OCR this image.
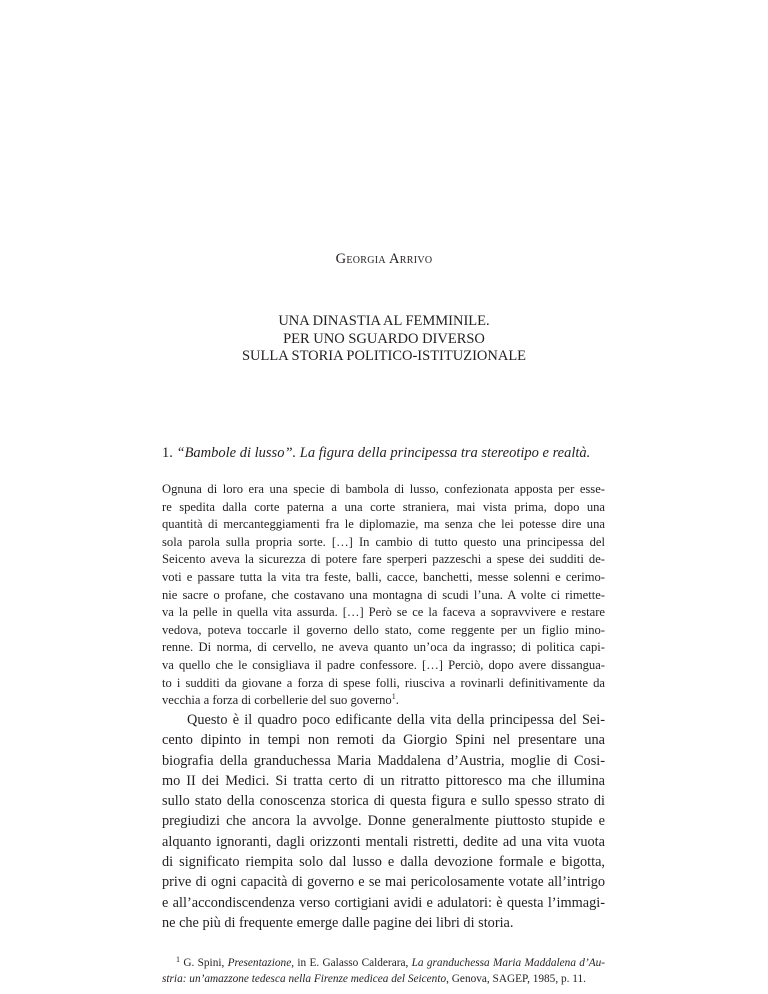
Georgia Arrivo
UNA DINASTIA AL FEMMINILE.
PER UNO SGUARDO DIVERSO
SULLA STORIA POLITICO-ISTITUZIONALE
1. “Bambole di lusso”. La figura della principessa tra stereotipo e realtà.
Ognuna di loro era una specie di bambola di lusso, confezionata apposta per esse-
re spedita dalla corte paterna a una corte straniera, mai vista prima, dopo una
quantità di mercanteggiamenti fra le diplomazie, ma senza che lei potesse dire una
sola parola sulla propria sorte. […] In cambio di tutto questo una principessa del
Seicento aveva la sicurezza di potere fare sperperi pazzeschi a spese dei sudditi de-
voti e passare tutta la vita tra feste, balli, cacce, banchetti, messe solenni e cerimo-
nie sacre o profane, che costavano una montagna di scudi l’una. A volte ci rimette-
va la pelle in quella vita assurda. […] Però se ce la faceva a sopravvivere e restare
vedova, poteva toccarle il governo dello stato, come reggente per un figlio mino-
renne. Di norma, di cervello, ne aveva quanto un’oca da ingrasso; di politica capi-
va quello che le consigliava il padre confessore. […] Perciò, dopo avere dissangua-
to i sudditi da giovane a forza di spese folli, riusciva a rovinarli definitivamente da
vecchia a forza di corbellerie del suo governo$^1$.
Questo è il quadro poco edificante della vita della principessa del Sei-
cento dipinto in tempi non remoti da Giorgio Spini nel presentare una
biografia della granduchessa Maria Maddalena d’Austria, moglie di Cosi-
mo II dei Medici. Si tratta certo di un ritratto pittoresco ma che illumina
sullo stato della conoscenza storica di questa figura e sullo spesso strato di
pregiudizi che ancora la avvolge. Donne generalmente piuttosto stupide e
alquanto ignoranti, dagli orizzonti mentali ristretti, dedite ad una vita vuota
di significato riempita solo dal lusso e dalla devozione formale e bigotta,
prive di ogni capacità di governo e se mai pericolosamente votate all’intrigo
e all’accondiscendenza verso cortigiani avidi e adulatori: è questa l’immagi-
ne che più di frequente emerge dalle pagine dei libri di storia.
$^1$ G. Spini, Presentazione, in E. Galasso Calderara, La granduchessa Maria Maddalena d’Au-
stria: un’amazzone tedesca nella Firenze medicea del Seicento, Genova, SAGEP, 1985, p. 11.
